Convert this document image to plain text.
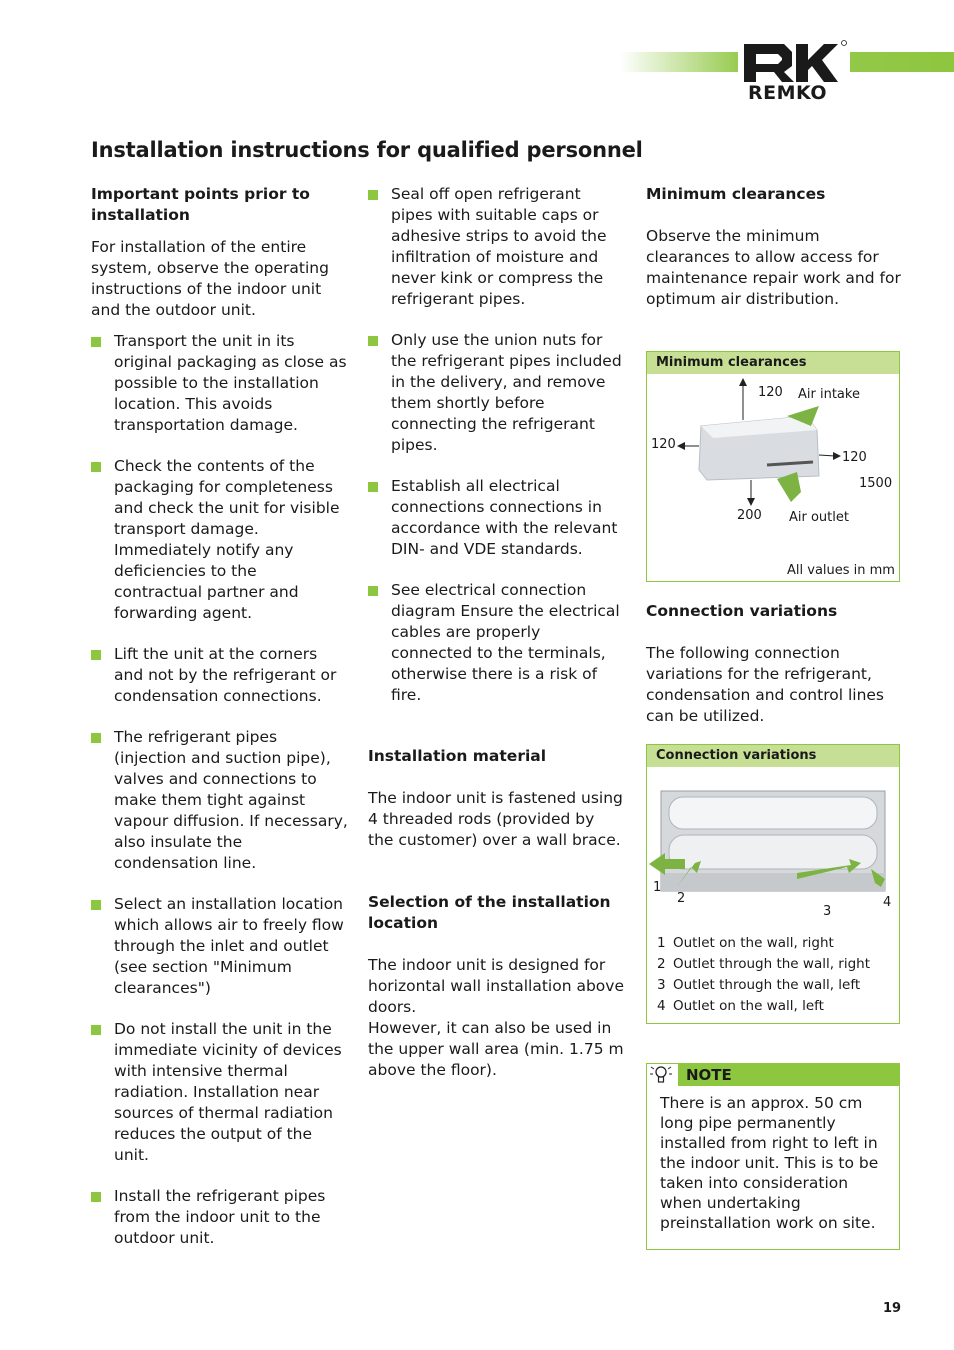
REMKO
Installation instructions for qualified personnel

Important points prior to installation

For installation of the entire system, observe the operating instructions of the indoor unit and the outdoor unit.

Transport the unit in its original packaging as close as possible to the installation location. This avoids transportation damage.
Check the contents of the packaging for completeness and check the unit for visible transport damage. Immediately notify any deficiencies to the contractual partner and forwarding agent.
Lift the unit at the corners and not by the refrigerant or condensation connections.
The refrigerant pipes (injection and suction pipe), valves and connections to make them tight against vapour diffusion. If necessary, also insulate the condensation line.
Select an installation location which allows air to freely flow through the inlet and outlet (see section "Minimum clearances")
Do not install the unit in the immediate vicinity of devices with intensive thermal radiation. Installation near sources of thermal radiation reduces the output of the unit.
Install the refrigerant pipes from the indoor unit to the outdoor unit.
Seal off open refrigerant pipes with suitable caps or adhesive strips to avoid the infiltration of moisture and never kink or compress the refrigerant pipes.
Only use the union nuts for the refrigerant pipes included in the delivery, and remove them shortly before connecting the refrigerant pipes.
Establish all electrical connections connections in accordance with the relevant DIN- and VDE standards.
See electrical connection diagram Ensure the electrical cables are properly connected to the terminals, otherwise there is a risk of fire.

Installation material

The indoor unit is fastened using 4 threaded rods (provided by the customer) over a wall brace.

Selection of the installation location

The indoor unit is designed for horizontal wall installation above doors.

However, it can also be used in the upper wall area (min. 1.75 m above the floor).

Minimum clearances

Observe the minimum clearances to allow access for maintenance repair work and for optimum air distribution.

Minimum clearances
120 Air intake
120
120
1500
200 Air outlet
All values in mm

Connection variations

The following connection variations for the refrigerant, condensation and control lines can be utilized.

Connection variations
1
2
3
4
1 Outlet on the wall, right
2 Outlet through the wall, right
3 Outlet through the wall, left
4 Outlet on the wall, left
NOTE
There is an approx. 50 cm long pipe permanently installed from right to left in the indoor unit. This is to be taken into consideration when undertaking preinstallation work on site.
19
